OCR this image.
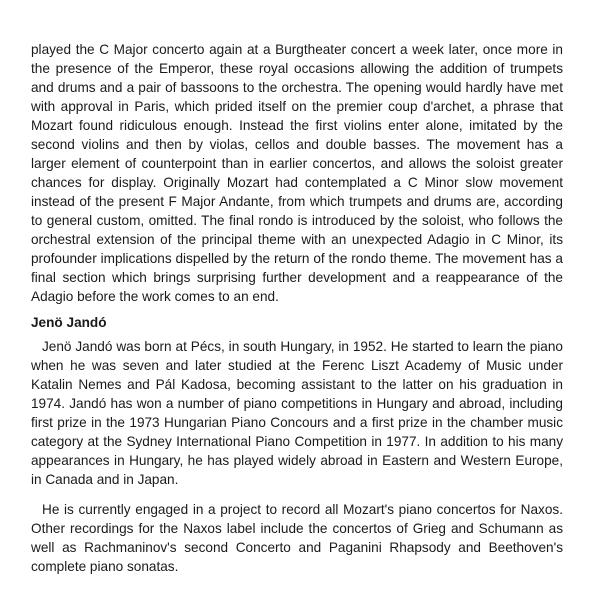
played the C Major concerto again at a Burgtheater concert a week later, once more in the presence of the Emperor, these royal occasions allowing the addition of trumpets and drums and a pair of bassoons to the orchestra. The opening would hardly have met with approval in Paris, which prided itself on the premier coup d'archet, a phrase that Mozart found ridiculous enough. Instead the first violins enter alone, imitated by the second violins and then by violas, cellos and double basses. The movement has a larger element of counterpoint than in earlier concertos, and allows the soloist greater chances for display. Originally Mozart had contemplated a C Minor slow movement instead of the present F Major Andante, from which trumpets and drums are, according to general custom, omitted. The final rondo is introduced by the soloist, who follows the orchestral extension of the principal theme with an unexpected Adagio in C Minor, its profounder implications dispelled by the return of the rondo theme. The movement has a final section which brings surprising further development and a reappearance of the Adagio before the work comes to an end.

Jenö Jandó

Jenö Jandó was born at Pécs, in south Hungary, in 1952. He started to learn the piano when he was seven and later studied at the Ferenc Liszt Academy of Music under Katalin Nemes and Pál Kadosa, becoming assistant to the latter on his graduation in 1974. Jandó has won a number of piano competitions in Hungary and abroad, including first prize in the 1973 Hungarian Piano Concours and a first prize in the chamber music category at the Sydney International Piano Competition in 1977. In addition to his many appearances in Hungary, he has played widely abroad in Eastern and Western Europe, in Canada and in Japan.

He is currently engaged in a project to record all Mozart's piano concertos for Naxos. Other recordings for the Naxos label include the concertos of Grieg and Schumann as well as Rachmaninov's second Concerto and Paganini Rhapsody and Beethoven's complete piano sonatas.
